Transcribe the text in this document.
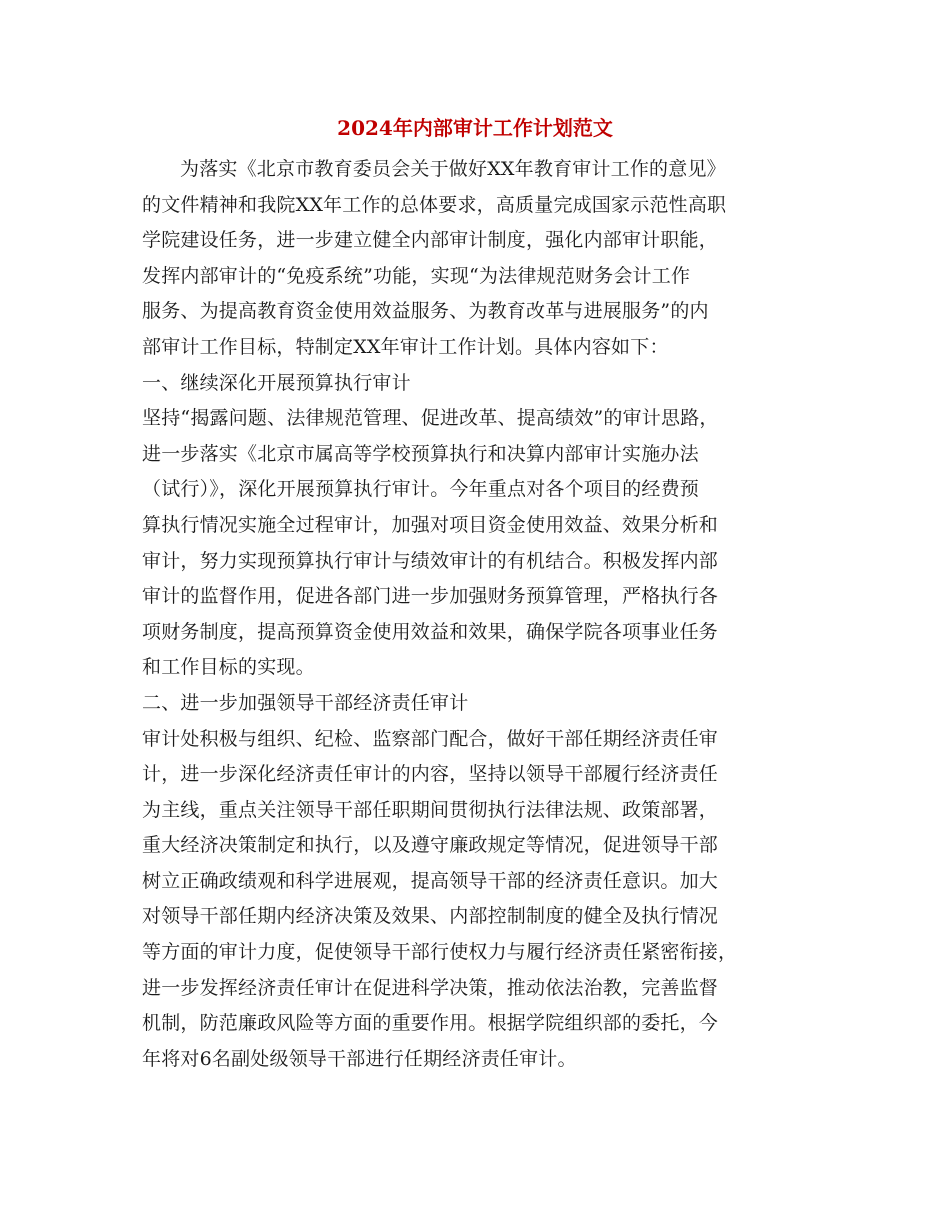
2024年内部审计工作计划范文
为落实《北京市教育委员会关于做好XX年教育审计工作的意见》
的文件精神和我院XX年工作的总体要求，高质量完成国家示范性高职
学院建设任务，进一步建立健全内部审计制度，强化内部审计职能，
发挥内部审计的“免疫系统”功能，实现“为法律规范财务会计工作
服务、为提高教育资金使用效益服务、为教育改革与进展服务”的内
部审计工作目标，特制定XX年审计工作计划。具体内容如下：
一、继续深化开展预算执行审计
坚持“揭露问题、法律规范管理、促进改革、提高绩效”的审计思路，
进一步落实《北京市属高等学校预算执行和决算内部审计实施办法
（试行）》，深化开展预算执行审计。今年重点对各个项目的经费预
算执行情况实施全过程审计，加强对项目资金使用效益、效果分析和
审计，努力实现预算执行审计与绩效审计的有机结合。积极发挥内部
审计的监督作用，促进各部门进一步加强财务预算管理，严格执行各
项财务制度，提高预算资金使用效益和效果，确保学院各项事业任务
和工作目标的实现。
二、进一步加强领导干部经济责任审计
审计处积极与组织、纪检、监察部门配合，做好干部任期经济责任审
计，进一步深化经济责任审计的内容，坚持以领导干部履行经济责任
为主线，重点关注领导干部任职期间贯彻执行法律法规、政策部署，
重大经济决策制定和执行，以及遵守廉政规定等情况，促进领导干部
树立正确政绩观和科学进展观，提高领导干部的经济责任意识。加大
对领导干部任期内经济决策及效果、内部控制制度的健全及执行情况
等方面的审计力度，促使领导干部行使权力与履行经济责任紧密衔接，
进一步发挥经济责任审计在促进科学决策，推动依法治教，完善监督
机制，防范廉政风险等方面的重要作用。根据学院组织部的委托，今
年将对6名副处级领导干部进行任期经济责任审计。
